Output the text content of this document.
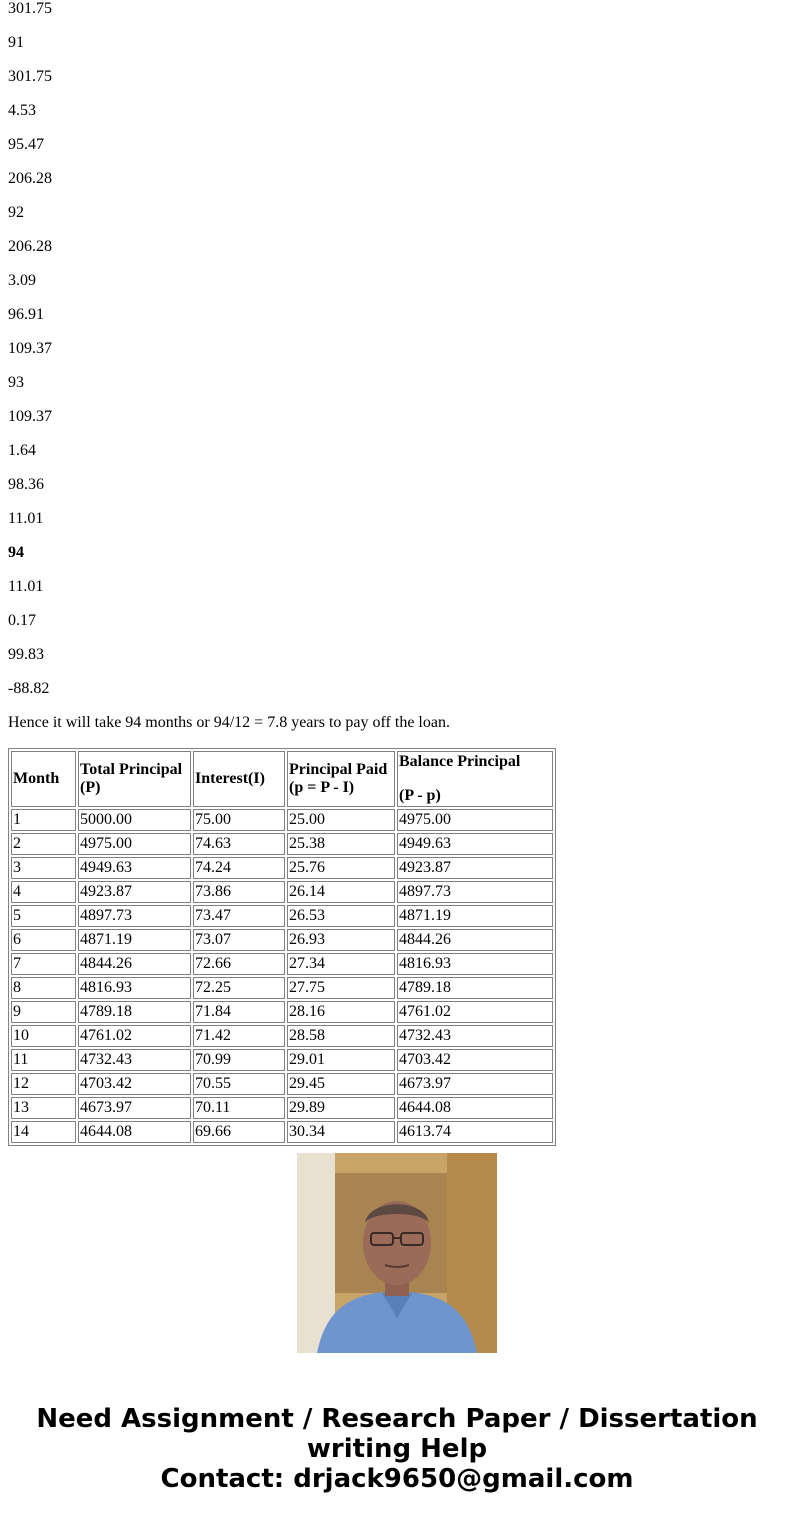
301.75

91

301.75

4.53

95.47

206.28

92

206.28

3.09

96.91

109.37

93

109.37

1.64

98.36

11.01

94

11.01

0.17

99.83

-88.82

Hence it will take 94 months or 94/12 = 7.8 years to pay off the loan.

Month	Total Principal (P)	Interest(I)	Principal Paid (p = P - I)	Balance Principal
(P - p)

1	5000.00	75.00	25.00	4975.00
2	4975.00	74.63	25.38	4949.63
3	4949.63	74.24	25.76	4923.87
4	4923.87	73.86	26.14	4897.73
5	4897.73	73.47	26.53	4871.19
6	4871.19	73.07	26.93	4844.26
7	4844.26	72.66	27.34	4816.93
8	4816.93	72.25	27.75	4789.18
9	4789.18	71.84	28.16	4761.02
10	4761.02	71.42	28.58	4732.43
11	4732.43	70.99	29.01	4703.42
12	4703.42	70.55	29.45	4673.97
13	4673.97	70.11	29.89	4644.08
14	4644.08	69.66	30.34	4613.74
Need Assignment / Research Paper / Dissertation
writing Help
Contact: drjack9650@gmail.com
